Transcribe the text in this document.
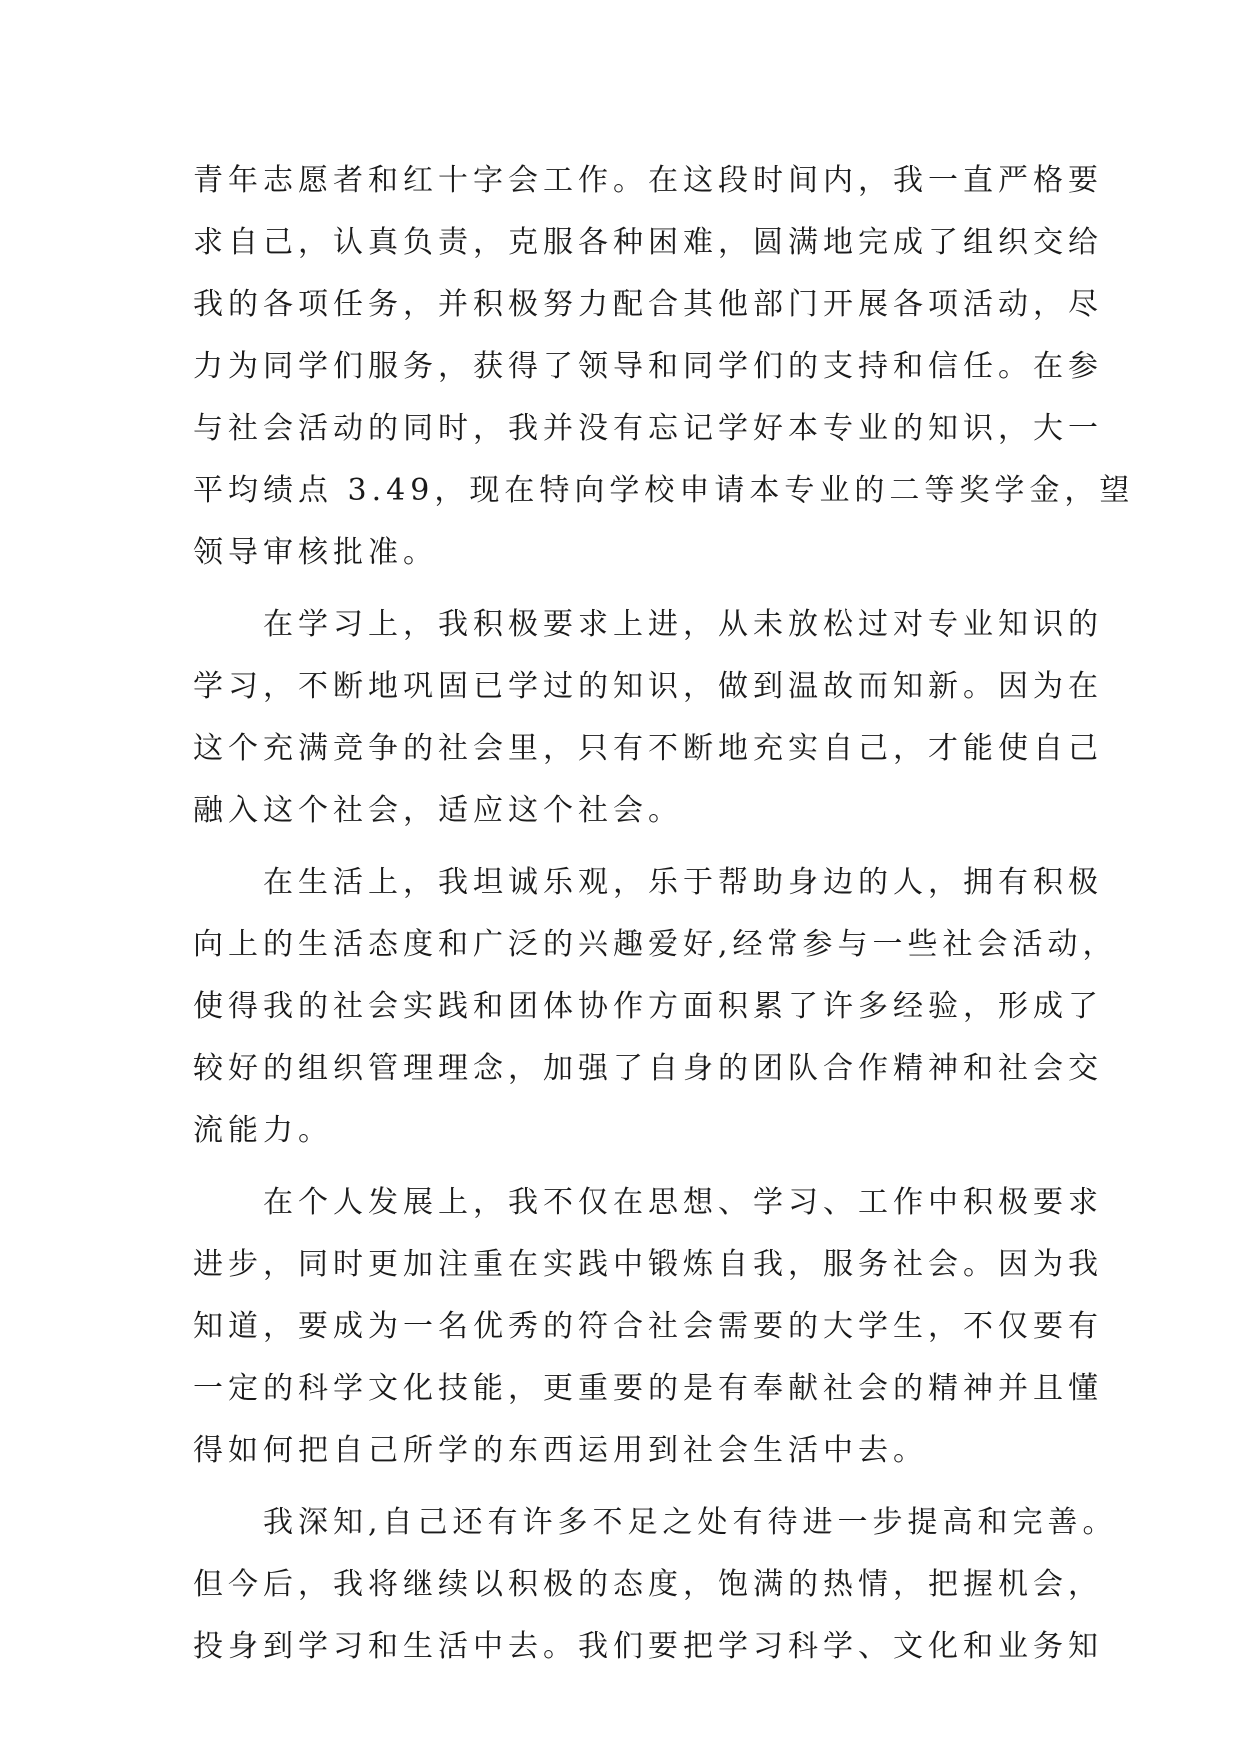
青年志愿者和红十字会工作。在这段时间内，我一直严格要
求自己，认真负责，克服各种困难，圆满地完成了组织交给
我的各项任务，并积极努力配合其他部门开展各项活动，尽
力为同学们服务，获得了领导和同学们的支持和信任。在参
与社会活动的同时，我并没有忘记学好本专业的知识，大一
平均绩点 3.49，现在特向学校申请本专业的二等奖学金，望
领导审核批准。
　　在学习上，我积极要求上进，从未放松过对专业知识的
学习，不断地巩固已学过的知识，做到温故而知新。因为在
这个充满竞争的社会里，只有不断地充实自己，才能使自己
融入这个社会，适应这个社会。
　　在生活上，我坦诚乐观，乐于帮助身边的人，拥有积极
向上的生活态度和广泛的兴趣爱好,经常参与一些社会活动，
使得我的社会实践和团体协作方面积累了许多经验，形成了
较好的组织管理理念，加强了自身的团队合作精神和社会交
流能力。
　　在个人发展上，我不仅在思想、学习、工作中积极要求
进步，同时更加注重在实践中锻炼自我，服务社会。因为我
知道，要成为一名优秀的符合社会需要的大学生，不仅要有
一定的科学文化技能，更重要的是有奉献社会的精神并且懂
得如何把自己所学的东西运用到社会生活中去。
　　我深知,自己还有许多不足之处有待进一步提高和完善。
但今后，我将继续以积极的态度，饱满的热情，把握机会，
投身到学习和生活中去。我们要把学习科学、文化和业务知
